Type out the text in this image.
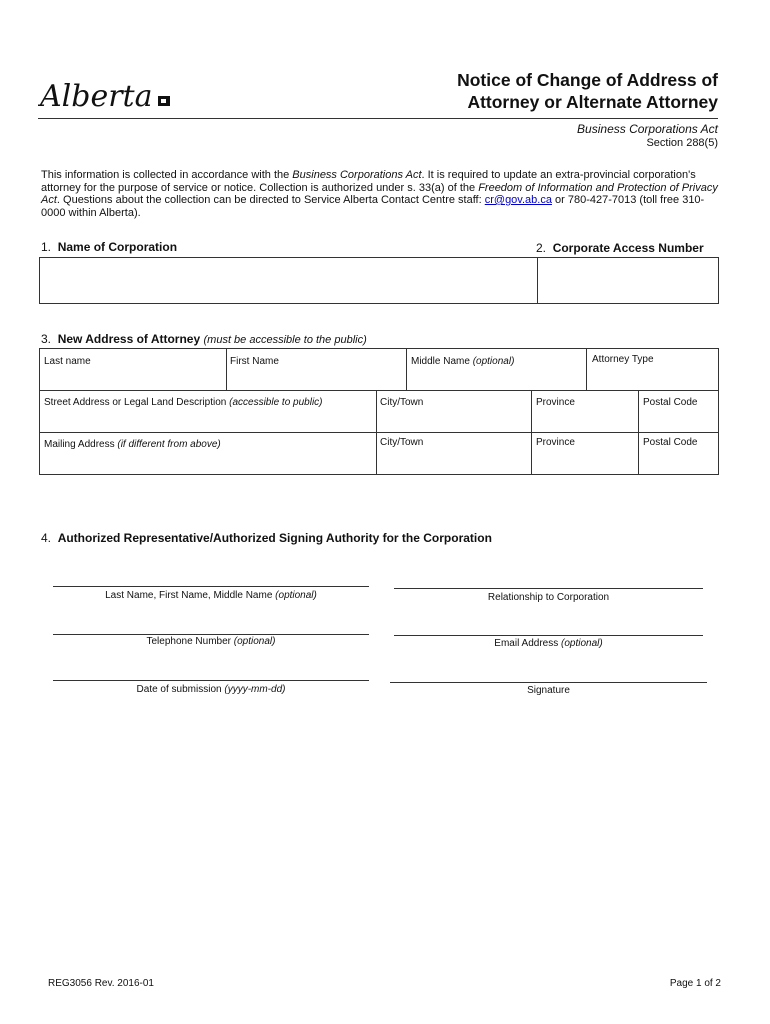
Alberta	Notice of Change of Address of
Attorney or Alternate Attorney
Business Corporations Act
Section 288(5)
This information is collected in accordance with the Business Corporations Act. It is required to update an extra-provincial corporation's attorney for the purpose of service or notice. Collection is authorized under s. 33(a) of the Freedom of Information and Protection of Privacy Act. Questions about the collection can be directed to Service Alberta Contact Centre staff: cr@gov.ab.ca or 780-427-7013 (toll free 310-0000 within Alberta).
1. Name of Corporation	2. Corporate Access Number
3. New Address of Attorney (must be accessible to the public)
Last name	First Name	Middle Name (optional)	Attorney Type
Street Address or Legal Land Description (accessible to public)	City/Town	Province	Postal Code
Mailing Address (if different from above)	City/Town	Province	Postal Code
4. Authorized Representative/Authorized Signing Authority for the Corporation
Last Name, First Name, Middle Name (optional)	Relationship to Corporation
Telephone Number (optional)	Email Address (optional)
Date of submission (yyyy-mm-dd)	Signature
REG3056 Rev. 2016-01	Page 1 of 2
